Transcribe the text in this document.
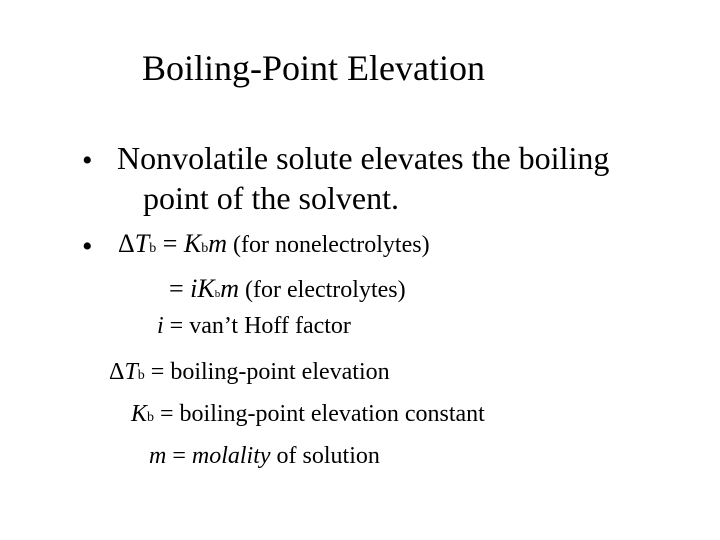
Boiling-Point Elevation
• Nonvolatile solute elevates the boiling
point of the solvent.
• ΔTb = Kbm (for nonelectrolytes)
= iKbm (for electrolytes)
i = van’t Hoff factor
ΔTb = boiling-point elevation
Kb = boiling-point elevation constant
m = molality of solution
